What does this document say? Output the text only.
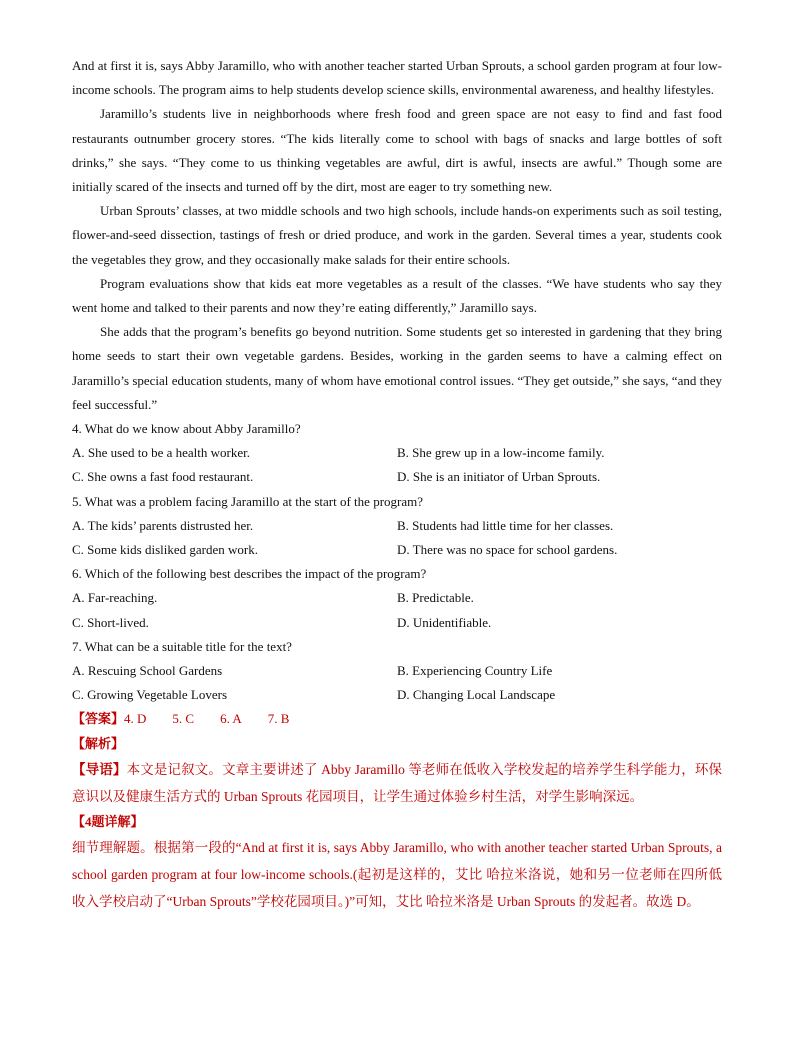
And at first it is, says Abby Jaramillo, who with another teacher started Urban Sprouts, a school garden program at four low-income schools. The program aims to help students develop science skills, environmental awareness, and healthy lifestyles.

Jaramillo’s students live in neighborhoods where fresh food and green space are not easy to find and fast food restaurants outnumber grocery stores. “The kids literally come to school with bags of snacks and large bottles of soft drinks,” she says. “They come to us thinking vegetables are awful, dirt is awful, insects are awful.” Though some are initially scared of the insects and turned off by the dirt, most are eager to try something new.

Urban Sprouts’ classes, at two middle schools and two high schools, include hands-on experiments such as soil testing, flower-and-seed dissection, tastings of fresh or dried produce, and work in the garden. Several times a year, students cook the vegetables they grow, and they occasionally make salads for their entire schools.

Program evaluations show that kids eat more vegetables as a result of the classes. “We have students who say they went home and talked to their parents and now they’re eating differently,” Jaramillo says.

She adds that the program’s benefits go beyond nutrition. Some students get so interested in gardening that they bring home seeds to start their own vegetable gardens. Besides, working in the garden seems to have a calming effect on Jaramillo’s special education students, many of whom have emotional control issues. “They get outside,” she says, “and they feel successful.”

4. What do we know about Abby Jaramillo?

A. She used to be a health worker.	B. She grew up in a low-income family.
C. She owns a fast food restaurant.	D. She is an initiator of Urban Sprouts.

5. What was a problem facing Jaramillo at the start of the program?

A. The kids’ parents distrusted her.	B. Students had little time for her classes.
C. Some kids disliked garden work.	D. There was no space for school gardens.

6. Which of the following best describes the impact of the program?

A. Far-reaching.	B. Predictable.
C. Short-lived.	D. Unidentifiable.

7. What can be a suitable title for the text?

A. Rescuing School Gardens	B. Experiencing Country Life
C. Growing Vegetable Lovers	D. Changing Local Landscape

【答案】4. D 5. C 6. A 7. B

【解析】

【导语】本文是记叙文。文章主要讲述了 Abby Jaramillo 等老师在低收入学校发起的培养学生科学能力，环保意识以及健康生活方式的 Urban Sprouts 花园项目，让学生通过体验乡村生活，对学生影响深远。

【4题详解】

细节理解题。根据第一段的“And at first it is, says Abby Jaramillo, who with another teacher started Urban Sprouts, a school garden program at four low-income schools.(起初是这样的，艾比 哈拉米洛说，她和另一位老师在四所低收入学校启动了“Urban Sprouts”学校花园项目。)”可知，艾比 哈拉米洛是 Urban Sprouts 的发起者。故选 D。
